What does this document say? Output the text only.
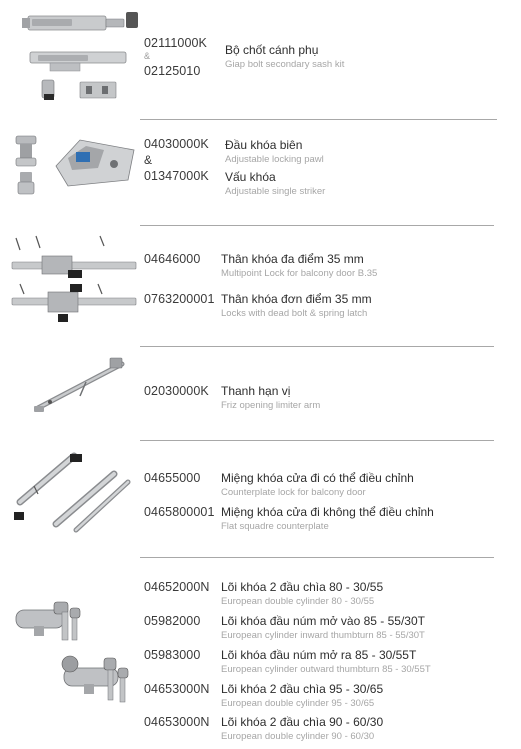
02111000K
&
02125010
Bộ chốt cánh phụ
Giap bolt secondary sash kit
04030000K
&
01347000K
Đầu khóa biên
Adjustable locking pawl
Vấu khóa
Adjustable single striker
04646000 Thân khóa đa điểm 35 mm
Multipoint Lock for balcony door B.35
0763200001 Thân khóa đơn điểm 35 mm
Locks with dead bolt & spring latch
02030000K Thanh hạn vị
Friz opening limiter arm
04655000 Miệng khóa cửa đi có thể điều chỉnh
Counterplate lock for balcony door
0465800001 Miệng khóa cửa đi không thể điều chỉnh
Flat squadre counterplate
04652000N Lõi khóa 2 đầu chìa 80 - 30/55
European double cylinder 80 - 30/55
05982000 Lõi khóa đầu núm mở vào 85 - 55/30T
European cylinder inward thumbturn 85 - 55/30T
05983000 Lõi khóa đầu núm mở ra 85 - 30/55T
European cylinder outward thumbturn 85 - 30/55T
04653000N Lõi khóa 2 đầu chìa 95 - 30/65
European double cylinder 95 - 30/65
04653000N Lõi khóa 2 đầu chìa 90 - 60/30
European double cylinder 90 - 60/30
